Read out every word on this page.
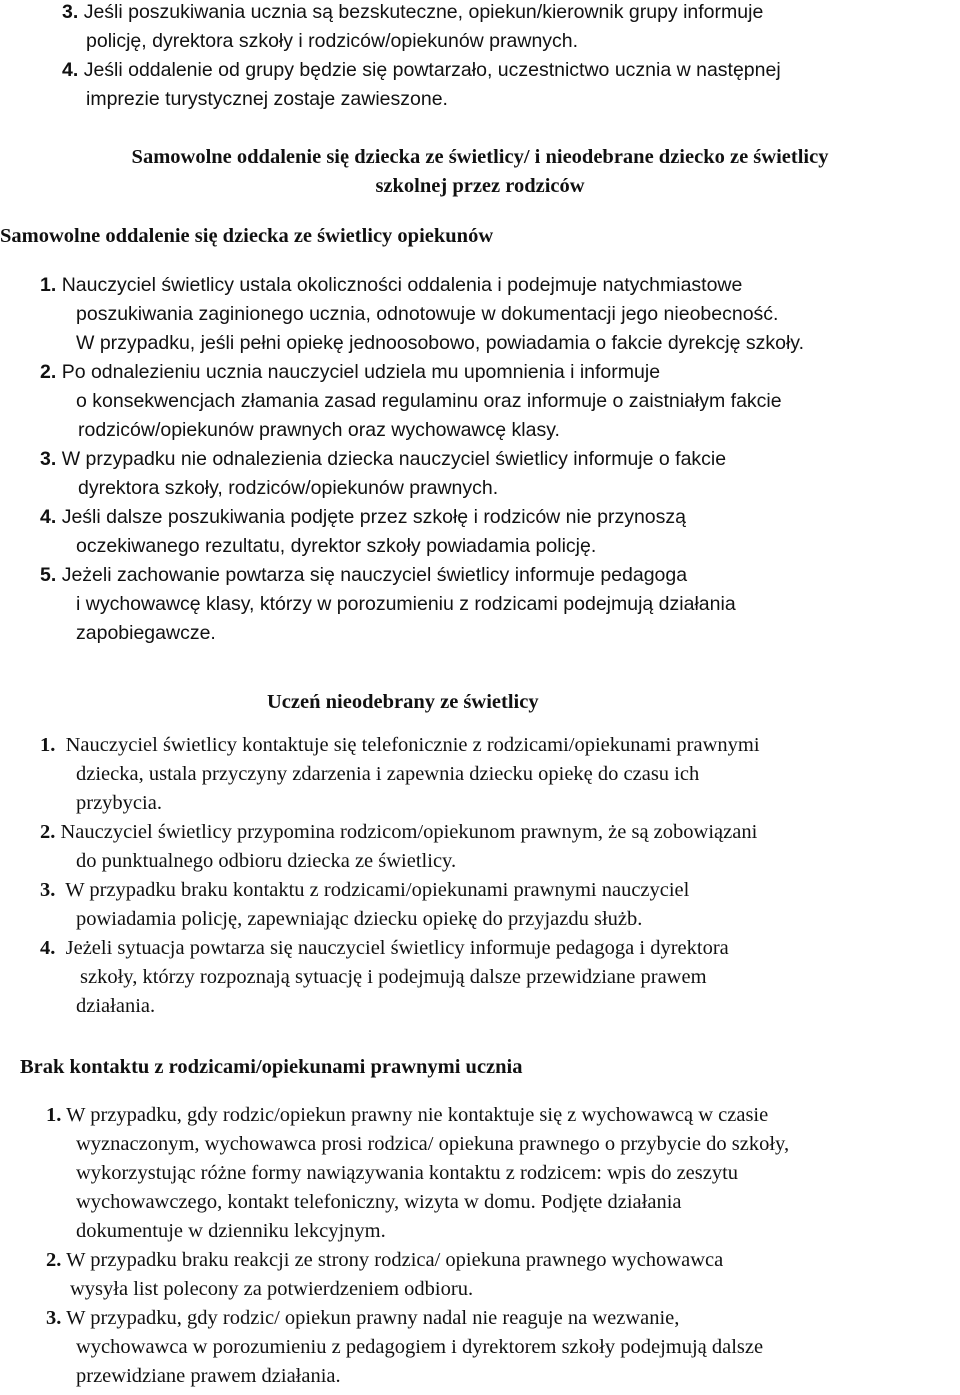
3. Jeśli poszukiwania ucznia są bezskuteczne, opiekun/kierownik grupy informuje
policję, dyrektora szkoły i rodziców/opiekunów prawnych.
4. Jeśli oddalenie od grupy będzie się powtarzało, uczestnictwo ucznia w następnej
imprezie turystycznej zostaje zawieszone.
Samowolne oddalenie się dziecka ze świetlicy/ i nieodebrane dziecko ze świetlicy
szkolnej przez rodziców
Samowolne oddalenie się dziecka ze świetlicy opiekunów
1. Nauczyciel świetlicy ustala okoliczności oddalenia i podejmuje natychmiastowe
poszukiwania zaginionego ucznia, odnotowuje w dokumentacji jego nieobecność.
W przypadku, jeśli pełni opiekę jednoosobowo, powiadamia o fakcie dyrekcję szkoły.
2. Po odnalezieniu ucznia nauczyciel udziela mu upomnienia i informuje
o konsekwencjach złamania zasad regulaminu oraz informuje o zaistniałym fakcie
rodziców/opiekunów prawnych oraz wychowawcę klasy.
3. W przypadku nie odnalezienia dziecka nauczyciel świetlicy informuje o fakcie
dyrektora szkoły, rodziców/opiekunów prawnych.
4. Jeśli dalsze poszukiwania podjęte przez szkołę i rodziców nie przynoszą
oczekiwanego rezultatu, dyrektor szkoły powiadamia policję.
5. Jeżeli zachowanie powtarza się nauczyciel świetlicy informuje pedagoga
i wychowawcę klasy, którzy w porozumieniu z rodzicami podejmują działania
zapobiegawcze.
Uczeń nieodebrany ze świetlicy
1. Nauczyciel świetlicy kontaktuje się telefonicznie z rodzicami/opiekunami prawnymi
dziecka, ustala przyczyny zdarzenia i zapewnia dziecku opiekę do czasu ich
przybycia.
2. Nauczyciel świetlicy przypomina rodzicom/opiekunom prawnym, że są zobowiązani
do punktualnego odbioru dziecka ze świetlicy.
3. W przypadku braku kontaktu z rodzicami/opiekunami prawnymi nauczyciel
powiadamia policję, zapewniając dziecku opiekę do przyjazdu służb.
4. Jeżeli sytuacja powtarza się nauczyciel świetlicy informuje pedagoga i dyrektora
szkoły, którzy rozpoznają sytuację i podejmują dalsze przewidziane prawem
działania.
Brak kontaktu z rodzicami/opiekunami prawnymi ucznia
1. W przypadku, gdy rodzic/opiekun prawny nie kontaktuje się z wychowawcą w czasie
wyznaczonym, wychowawca prosi rodzica/ opiekuna prawnego o przybycie do szkoły,
wykorzystując różne formy nawiązywania kontaktu z rodzicem: wpis do zeszytu
wychowawczego, kontakt telefoniczny, wizyta w domu. Podjęte działania
dokumentuje w dzienniku lekcyjnym.
2. W przypadku braku reakcji ze strony rodzica/ opiekuna prawnego wychowawca
wysyła list polecony za potwierdzeniem odbioru.
3. W przypadku, gdy rodzic/ opiekun prawny nadal nie reaguje na wezwanie,
wychowawca w porozumieniu z pedagogiem i dyrektorem szkoły podejmują dalsze
przewidziane prawem działania.
